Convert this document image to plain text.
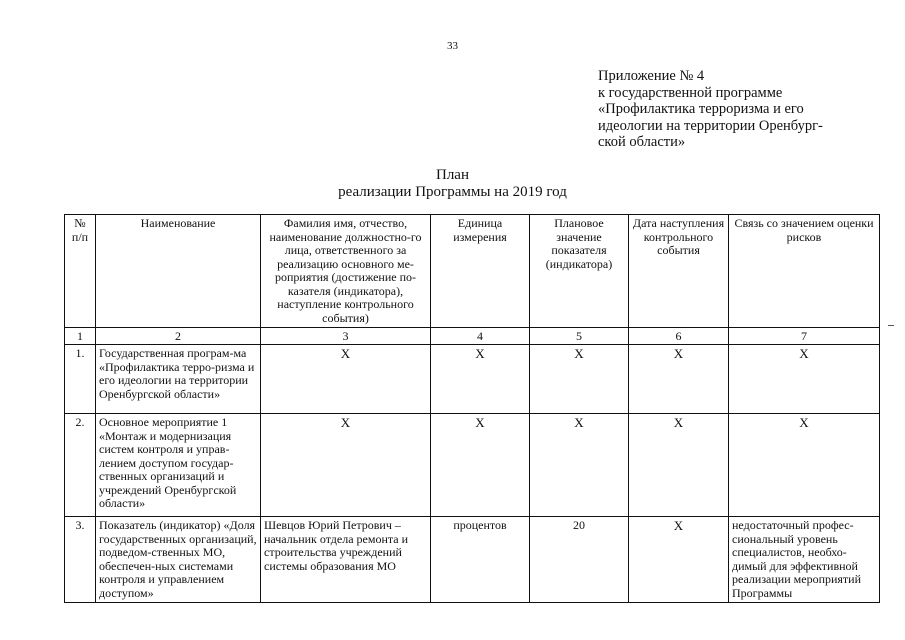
33
Приложение № 4
к государственной программе
«Профилактика терроризма и его
идеологии на территории Оренбург-
ской области»
План
реализации Программы на 2019 год
№ п/п	Наименование	Фамилия имя, отчество, наименование должностно-го лица, ответственного за реализацию основного ме-роприятия (достижение по-казателя (индикатора), наступление контрольного события)	Единица измерения	Плановое значение показателя (индикатора)	Дата наступления контрольного события	Связь со значением оценки рисков
1	2	3	4	5	6	7
1.	Государственная програм-ма «Профилактика терро-ризма и его идеологии на территории Оренбургской области»	Х	Х	Х	Х	Х
2.	Основное мероприятие 1 «Монтаж и модернизация систем контроля и управ-лением доступом государ-ственных организаций и учреждений Оренбургской области»	Х	Х	Х	Х	Х
3.	Показатель (индикатор) «Доля государственных организаций, подведом-ственных МО, обеспечен-ных системами контроля и управлением доступом»	Шевцов Юрий Петрович – начальник отдела ремонта и строительства учреждений системы образования МО	процентов	20	Х	недостаточный профес-сиональный уровень специалистов, необхо-димый для эффективной реализации мероприятий Программы
